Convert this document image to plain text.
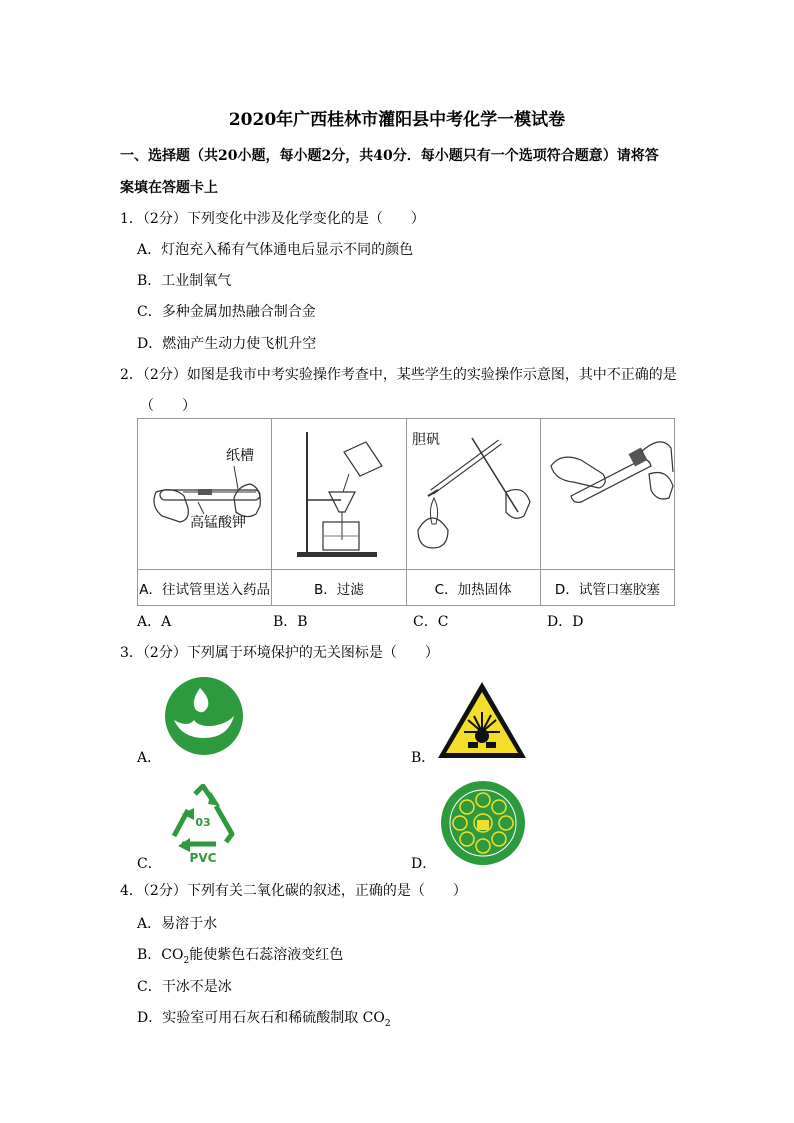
2020年广西桂林市灌阳县中考化学一模试卷
一、选择题（共20小题，每小题2分，共40分．每小题只有一个选项符合题意）请将答
案填在答题卡上
1．（2分）下列变化中涉及化学变化的是（　　）
A．灯泡充入稀有气体通电后显示不同的颜色
B．工业制氧气
C．多种金属加热融合制合金
D．燃油产生动力使飞机升空
2．（2分）如图是我市中考实验操作考查中，某些学生的实验操作示意图，其中不正确的是
（　　）
纸槽
高锰酸钾		胆矾

A．往试管里送入药品	B．过滤	C．加热固体	D．试管口塞胶塞
A．A	B．B	C．C	D．D
3．（2分）下列属于环境保护的无关图标是（　　）
A．	B．
03
PVC
C．	D．
4．（2分）下列有关二氧化碳的叙述，正确的是（　　）
A．易溶于水
B．$CO_2$能使紫色石蕊溶液变红色
C．干冰不是冰
D．实验室可用石灰石和稀硫酸制取 $CO_2$
